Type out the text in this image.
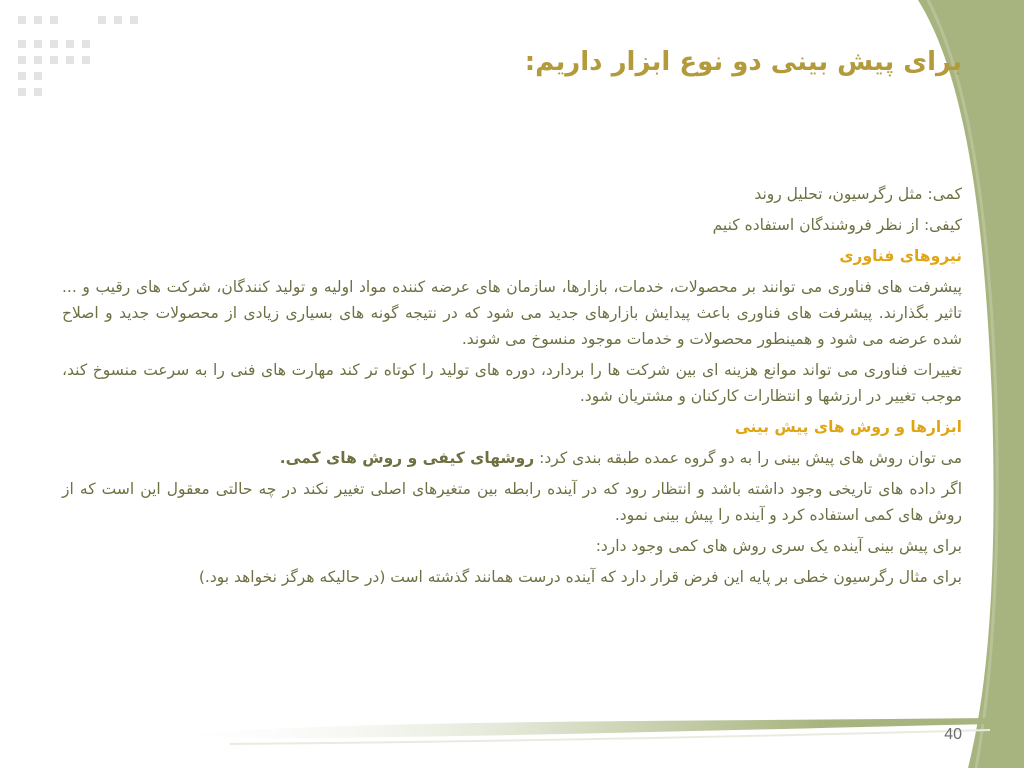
برای پیش بینی دو نوع ابزار داریم:

کمی: مثل رگرسیون، تحلیل روند

کیفی: از نظر فروشندگان استفاده کنیم

نیروهای فناوری

پیشرفت های فناوری می توانند بر محصولات، خدمات، بازارها، سازمان های عرضه کننده مواد اولیه و تولید کنندگان، شرکت های رقیب و ... تاثیر بگذارند. پیشرفت های فناوری باعث پیدایش بازارهای جدید می شود که در نتیجه گونه های بسیاری زیادی از محصولات جدید و اصلاح شده عرضه می شود و همینطور محصولات و خدمات موجود منسوخ می شوند.

تغییرات فناوری می تواند موانع هزینه ای بین شرکت ها را بردارد، دوره های تولید را کوتاه تر کند مهارت های فنی را به سرعت منسوخ کند، موجب تغییر در ارزشها و انتظارات کارکنان و مشتریان شود.

ابزارها و روش های پیش بینی

می توان روش های پیش بینی را به دو گروه عمده طبقه بندی کرد: روشهای کیفی و روش های کمی.

اگر داده های تاریخی وجود داشته باشد و انتظار رود که در آینده رابطه بین متغیرهای اصلی تغییر نکند در چه حالتی معقول این است که از روش های کمی استفاده کرد و آینده را پیش بینی نمود.

برای پیش بینی آینده یک سری روش های کمی وجود دارد:

برای مثال رگرسیون خطی بر پایه این فرض قرار دارد که آینده درست همانند گذشته است (در حالیکه هرگز نخواهد بود.)

40
